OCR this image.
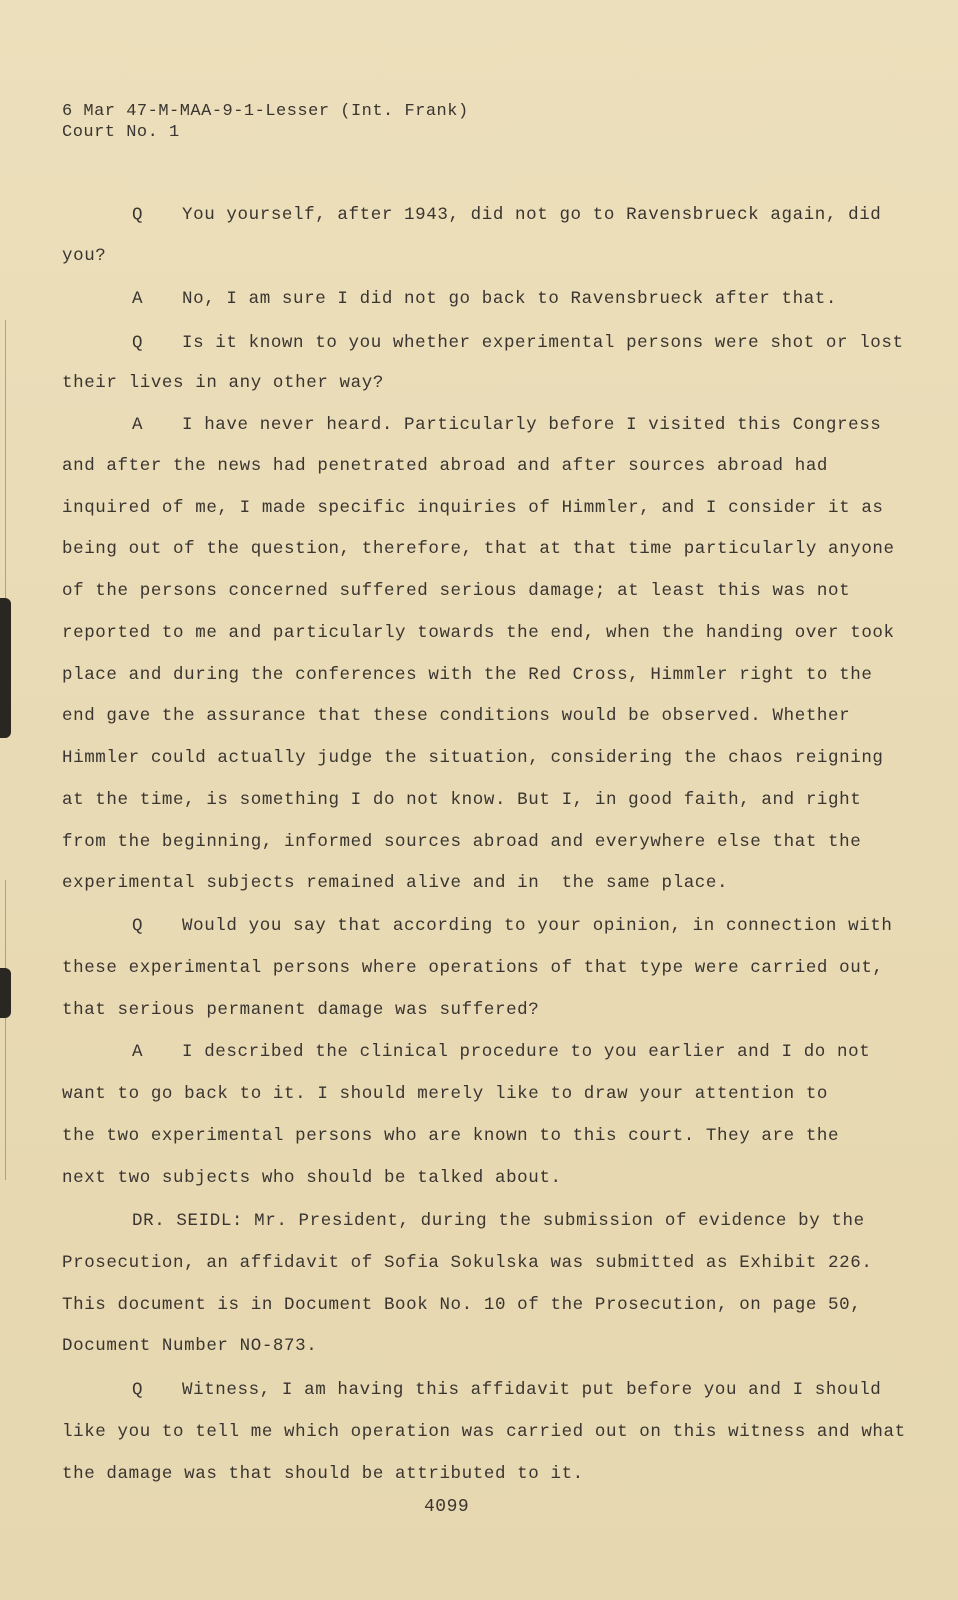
6 Mar 47-M-MAA-9-1-Lesser (Int. Frank)
Court No. 1
Q You yourself, after 1943, did not go to Ravensbrueck again, did
you?
A No, I am sure I did not go back to Ravensbrueck after that.
Q Is it known to you whether experimental persons were shot or lost
their lives in any other way?
A I have never heard. Particularly before I visited this Congress
and after the news had penetrated abroad and after sources abroad had
inquired of me, I made specific inquiries of Himmler, and I consider it as
being out of the question, therefore, that at that time particularly anyone
of the persons concerned suffered serious damage; at least this was not
reported to me and particularly towards the end, when the handing over took
place and during the conferences with the Red Cross, Himmler right to the
end gave the assurance that these conditions would be observed. Whether
Himmler could actually judge the situation, considering the chaos reigning
at the time, is something I do not know. But I, in good faith, and right
from the beginning, informed sources abroad and everywhere else that the
experimental subjects remained alive and in  the same place.
Q Would you say that according to your opinion, in connection with
these experimental persons where operations of that type were carried out,
that serious permanent damage was suffered?
A I described the clinical procedure to you earlier and I do not
want to go back to it. I should merely like to draw your attention to
the two experimental persons who are known to this court. They are the
next two subjects who should be talked about.
DR. SEIDL: Mr. President, during the submission of evidence by the
Prosecution, an affidavit of Sofia Sokulska was submitted as Exhibit 226.
This document is in Document Book No. 10 of the Prosecution, on page 50,
Document Number NO-873.
Q Witness, I am having this affidavit put before you and I should
like you to tell me which operation was carried out on this witness and what
the damage was that should be attributed to it.
4099
